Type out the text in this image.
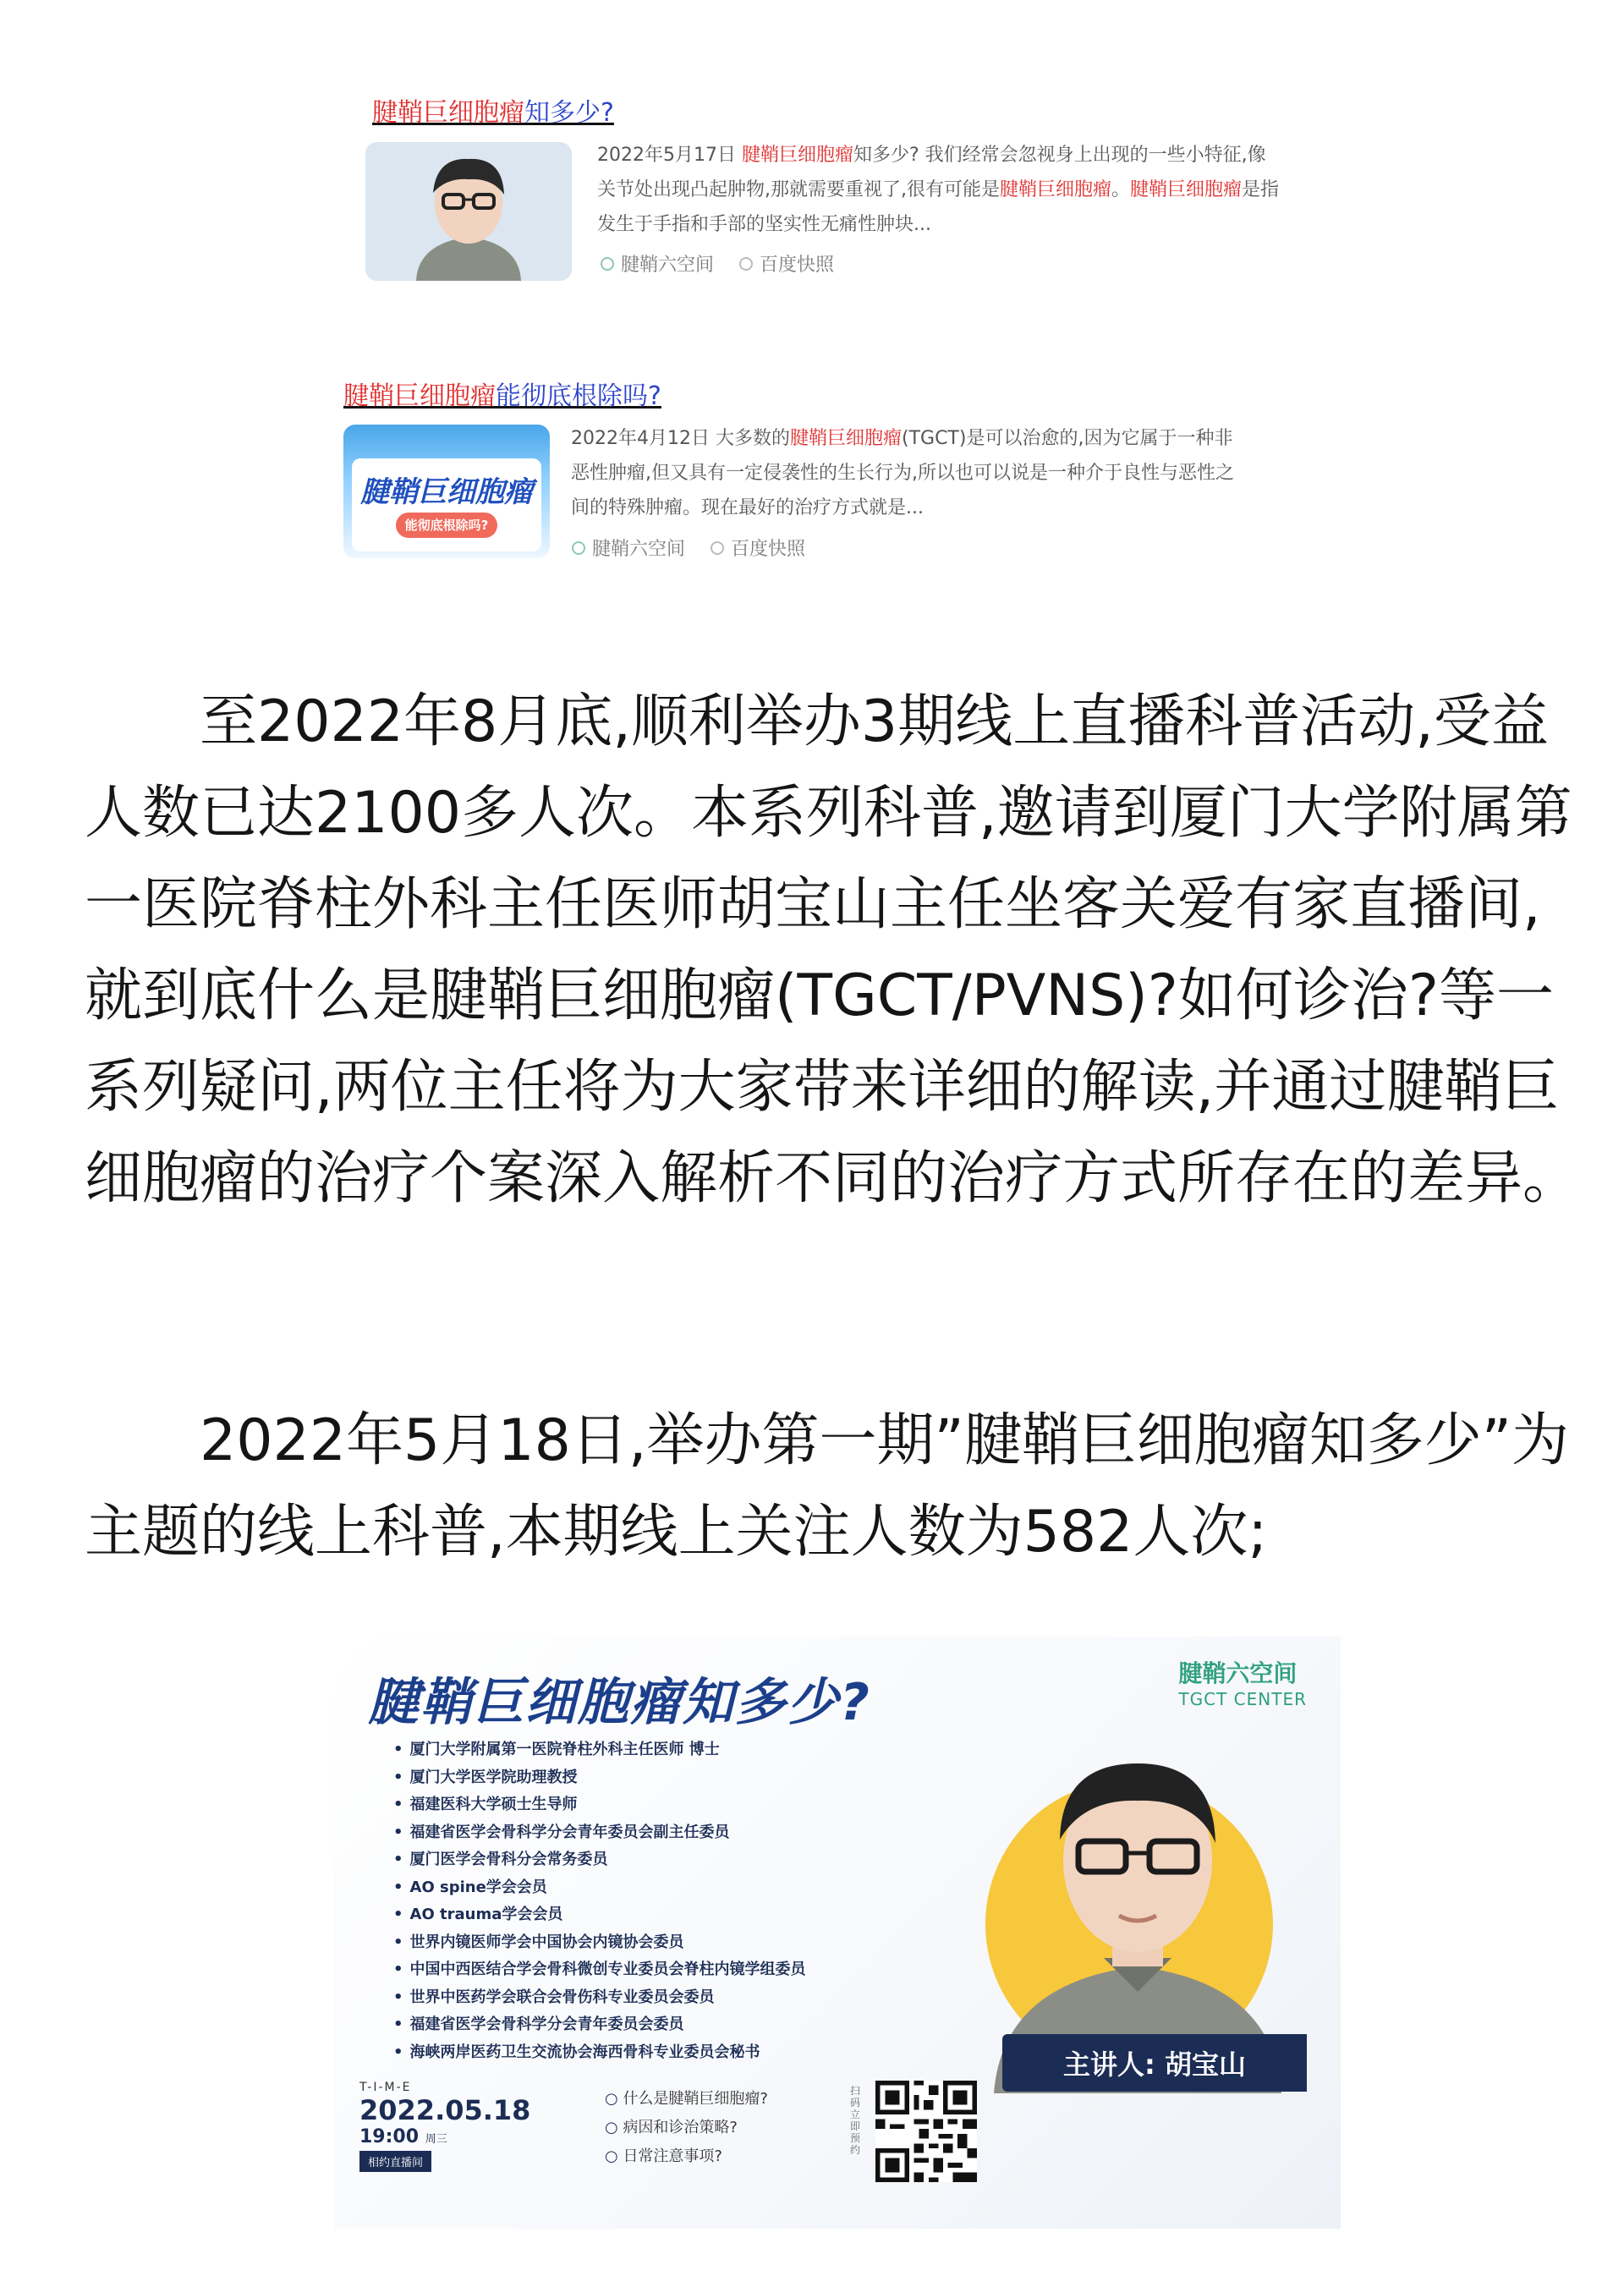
腱鞘巨细胞瘤知多少?
2022年5月17日 腱鞘巨细胞瘤知多少? 我们经常会忽视身上出现的一些小特征,像关节处出现凸起肿物,那就需要重视了,很有可能是腱鞘巨细胞瘤。腱鞘巨细胞瘤是指发生于手指和手部的坚实性无痛性肿块...
腱鞘六空间 百度快照
腱鞘巨细胞瘤能彻底根除吗?
腱鞘巨细胞瘤
能彻底根除吗?
2022年4月12日 大多数的腱鞘巨细胞瘤(TGCT)是可以治愈的,因为它属于一种非恶性肿瘤,但又具有一定侵袭性的生长行为,所以也可以说是一种介于良性与恶性之间的特殊肿瘤。现在最好的治疗方式就是...
腱鞘六空间 百度快照
至2022年8月底,顺利举办3期线上直播科普活动,受益人数已达2100多人次。本系列科普,邀请到厦门大学附属第一医院脊柱外科主任医师胡宝山主任坐客关爱有家直播间,就到底什么是腱鞘巨细胞瘤(TGCT/PVNS)?如何诊治?等一系列疑问,两位主任将为大家带来详细的解读,并通过腱鞘巨细胞瘤的治疗个案深入解析不同的治疗方式所存在的差异。
2022年5月18日,举办第一期”腱鞘巨细胞瘤知多少”为主题的线上科普,本期线上关注人数为582人次;
腱鞘巨细胞瘤知多少?	腱鞘六空间
TGCT CENTER
• 厦门大学附属第一医院脊柱外科主任医师 博士
• 厦门大学医学院助理教授
• 福建医科大学硕士生导师
• 福建省医学会骨科学分会青年委员会副主任委员
• 厦门医学会骨科分会常务委员
• AO spine学会会员
• AO trauma学会会员
• 世界内镜医师学会中国协会内镜协会委员
• 中国中西医结合学会骨科微创专业委员会脊柱内镜学组委员
• 世界中医药学会联合会骨伤科专业委员会委员
• 福建省医学会骨科学分会青年委员会委员
• 海峡两岸医药卫生交流协会海西骨科专业委员会秘书
T-I-M-E
2022.05.18
19:00 周三
相约直播间
○ 什么是腱鞘巨细胞瘤?
○ 病因和诊治策略?
○ 日常注意事项?
扫码立即预约
主讲人: 胡宝山
